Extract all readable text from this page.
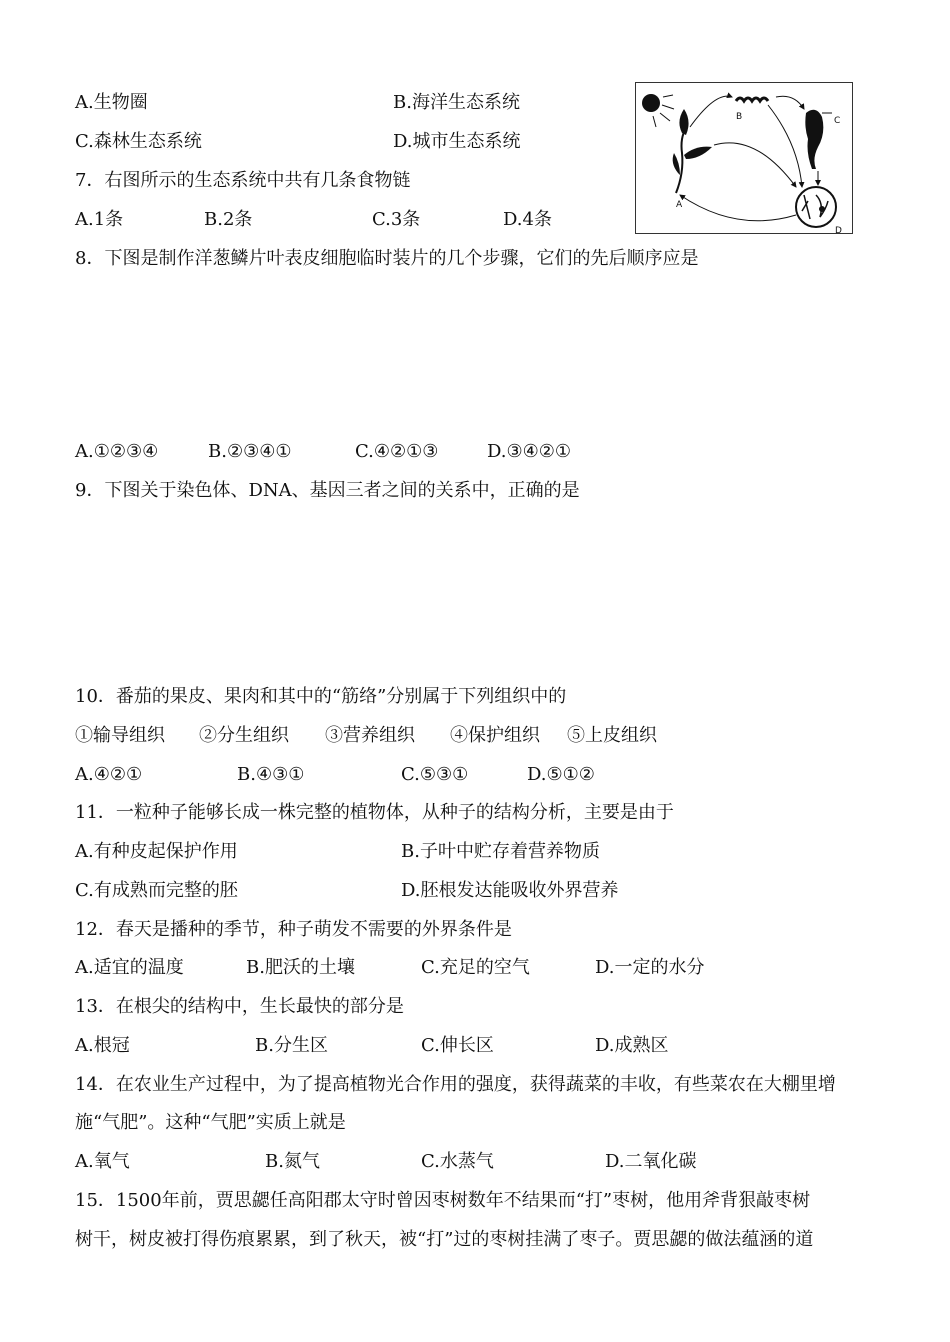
A.生物圈	B.海洋生态系统
C.森林生态系统	D.城市生态系统
7．右图所示的生态系统中共有几条食物链
A.1条	B.2条	C.3条	D.4条
A
B	C
D
8．下图是制作洋葱鳞片叶表皮细胞临时装片的几个步骤，它们的先后顺序应是
A.①②③④	B.②③④①	C.④②①③	D.③④②①
9．下图关于染色体、DNA、基因三者之间的关系中，正确的是
10．番茄的果皮、果肉和其中的“筋络”分别属于下列组织中的
①输导组织 ②分生组织 ③营养组织 ④保护组织 ⑤上皮组织
A.④②①	B.④③①	C.⑤③①	D.⑤①②
11．一粒种子能够长成一株完整的植物体，从种子的结构分析，主要是由于
A.有种皮起保护作用	B.子叶中贮存着营养物质
C.有成熟而完整的胚	D.胚根发达能吸收外界营养
12．春天是播种的季节，种子萌发不需要的外界条件是
A.适宜的温度	B.肥沃的土壤	C.充足的空气	D.一定的水分
13．在根尖的结构中，生长最快的部分是
A.根冠	B.分生区	C.伸长区	D.成熟区
14．在农业生产过程中，为了提高植物光合作用的强度，获得蔬菜的丰收，有些菜农在大棚里增
施“气肥”。这种“气肥”实质上就是
A.氧气	B.氮气	C.水蒸气	D.二氧化碳
15．1500年前，贾思勰任高阳郡太守时曾因枣树数年不结果而“打”枣树，他用斧背狠敲枣树
树干，树皮被打得伤痕累累，到了秋天，被“打”过的枣树挂满了枣子。贾思勰的做法蕴涵的道
